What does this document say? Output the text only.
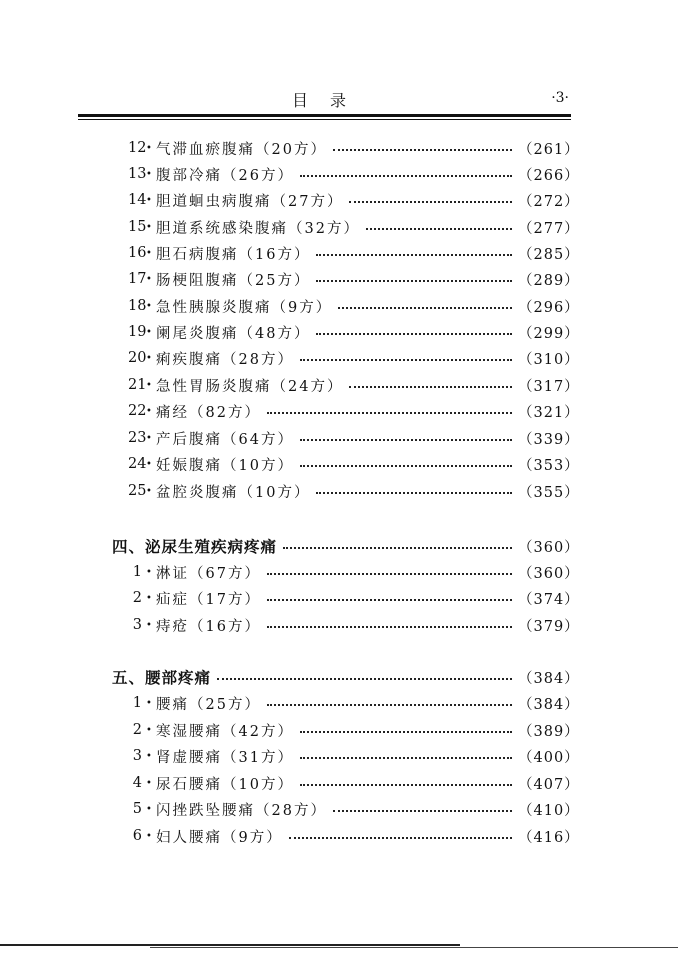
目录	·3·
12 • 气滞血瘀腹痛（20方）	（261）
13 • 腹部冷痛（26方）	（266）
14 • 胆道蛔虫病腹痛（27方）	（272）
15 • 胆道系统感染腹痛（32方）	（277）
16 • 胆石病腹痛（16方）	（285）
17 • 肠梗阻腹痛（25方）	（289）
18 • 急性胰腺炎腹痛（9方）	（296）
19 • 阑尾炎腹痛（48方）	（299）
20 • 痢疾腹痛（28方）	（310）
21 • 急性胃肠炎腹痛（24方）	（317）
22 • 痛经（82方）	（321）
23 • 产后腹痛（64方）	（339）
24 • 妊娠腹痛（10方）	（353）
25 • 盆腔炎腹痛（10方）	（355）
四、泌尿生殖疾病疼痛	（360）
1 • 淋证（67方）	（360）
2 • 疝症（17方）	（374）
3 • 痔疮（16方）	（379）
五、腰部疼痛	（384）
1 • 腰痛（25方）	（384）
2 • 寒湿腰痛（42方）	（389）
3 • 肾虚腰痛（31方）	（400）
4 • 尿石腰痛（10方）	（407）
5 • 闪挫跌坠腰痛（28方）	（410）
6 • 妇人腰痛（9方）	（416）
